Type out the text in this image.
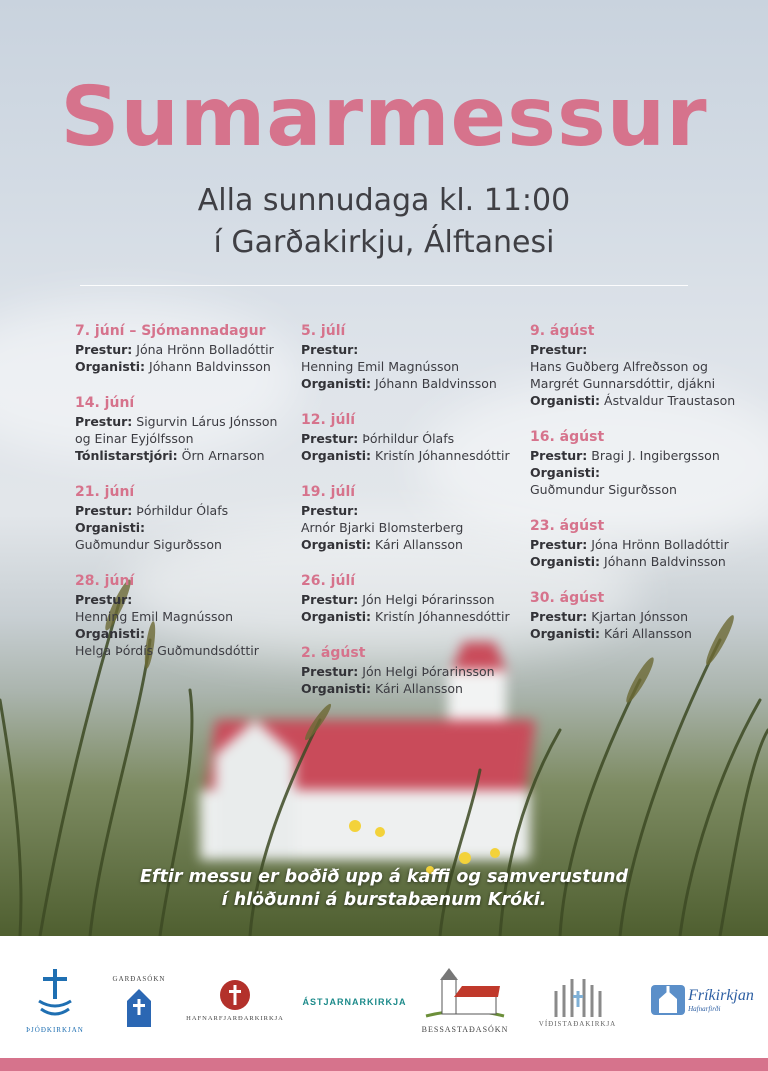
Sumarmessur
Alla sunnudaga kl. 11:00
í Garðakirkju, Álftanesi
7. júní – Sjómannadagur
Prestur: Jóna Hrönn Bolladóttir
Organisti: Jóhann Baldvinsson
14. júní
Prestur: Sigurvin Lárus Jónsson
og Einar Eyjólfsson
Tónlistarstjóri: Örn Arnarson
21. júní
Prestur: Þórhildur Ólafs
Organisti:
Guðmundur Sigurðsson
28. júní
Prestur:
Henning Emil Magnússon
Organisti:
Helga Þórdís Guðmundsdóttir
5. júlí
Prestur:
Henning Emil Magnússon
Organisti: Jóhann Baldvinsson
12. júlí
Prestur: Þórhildur Ólafs
Organisti: Kristín Jóhannesdóttir
19. júlí
Prestur:
Arnór Bjarki Blomsterberg
Organisti: Kári Allansson
26. júlí
Prestur: Jón Helgi Þórarinsson
Organisti: Kristín Jóhannesdóttir
2. ágúst
Prestur: Jón Helgi Þórarinsson
Organisti: Kári Allansson
9. ágúst
Prestur:
Hans Guðberg Alfreðsson og
Margrét Gunnarsdóttir, djákni
Organisti: Ástvaldur Traustason
16. ágúst
Prestur: Bragi J. Ingibergsson
Organisti:
Guðmundur Sigurðsson
23. ágúst
Prestur: Jóna Hrönn Bolladóttir
Organisti: Jóhann Baldvinsson
30. ágúst
Prestur: Kjartan Jónsson
Organisti: Kári Allansson
Eftir messu er boðið upp á kaffi og samverustund
í hlöðunni á burstabænum Króki.
ÞJÓÐKIRKJAN
GARÐASÓKN
HAFNARFJARÐARKIRKJA
ÁSTJARNARKIRKJA
BESSASTAÐASÓKN
VÍÐISTAÐAKIRKJA
Fríkirkjan
Hafnarfirði
